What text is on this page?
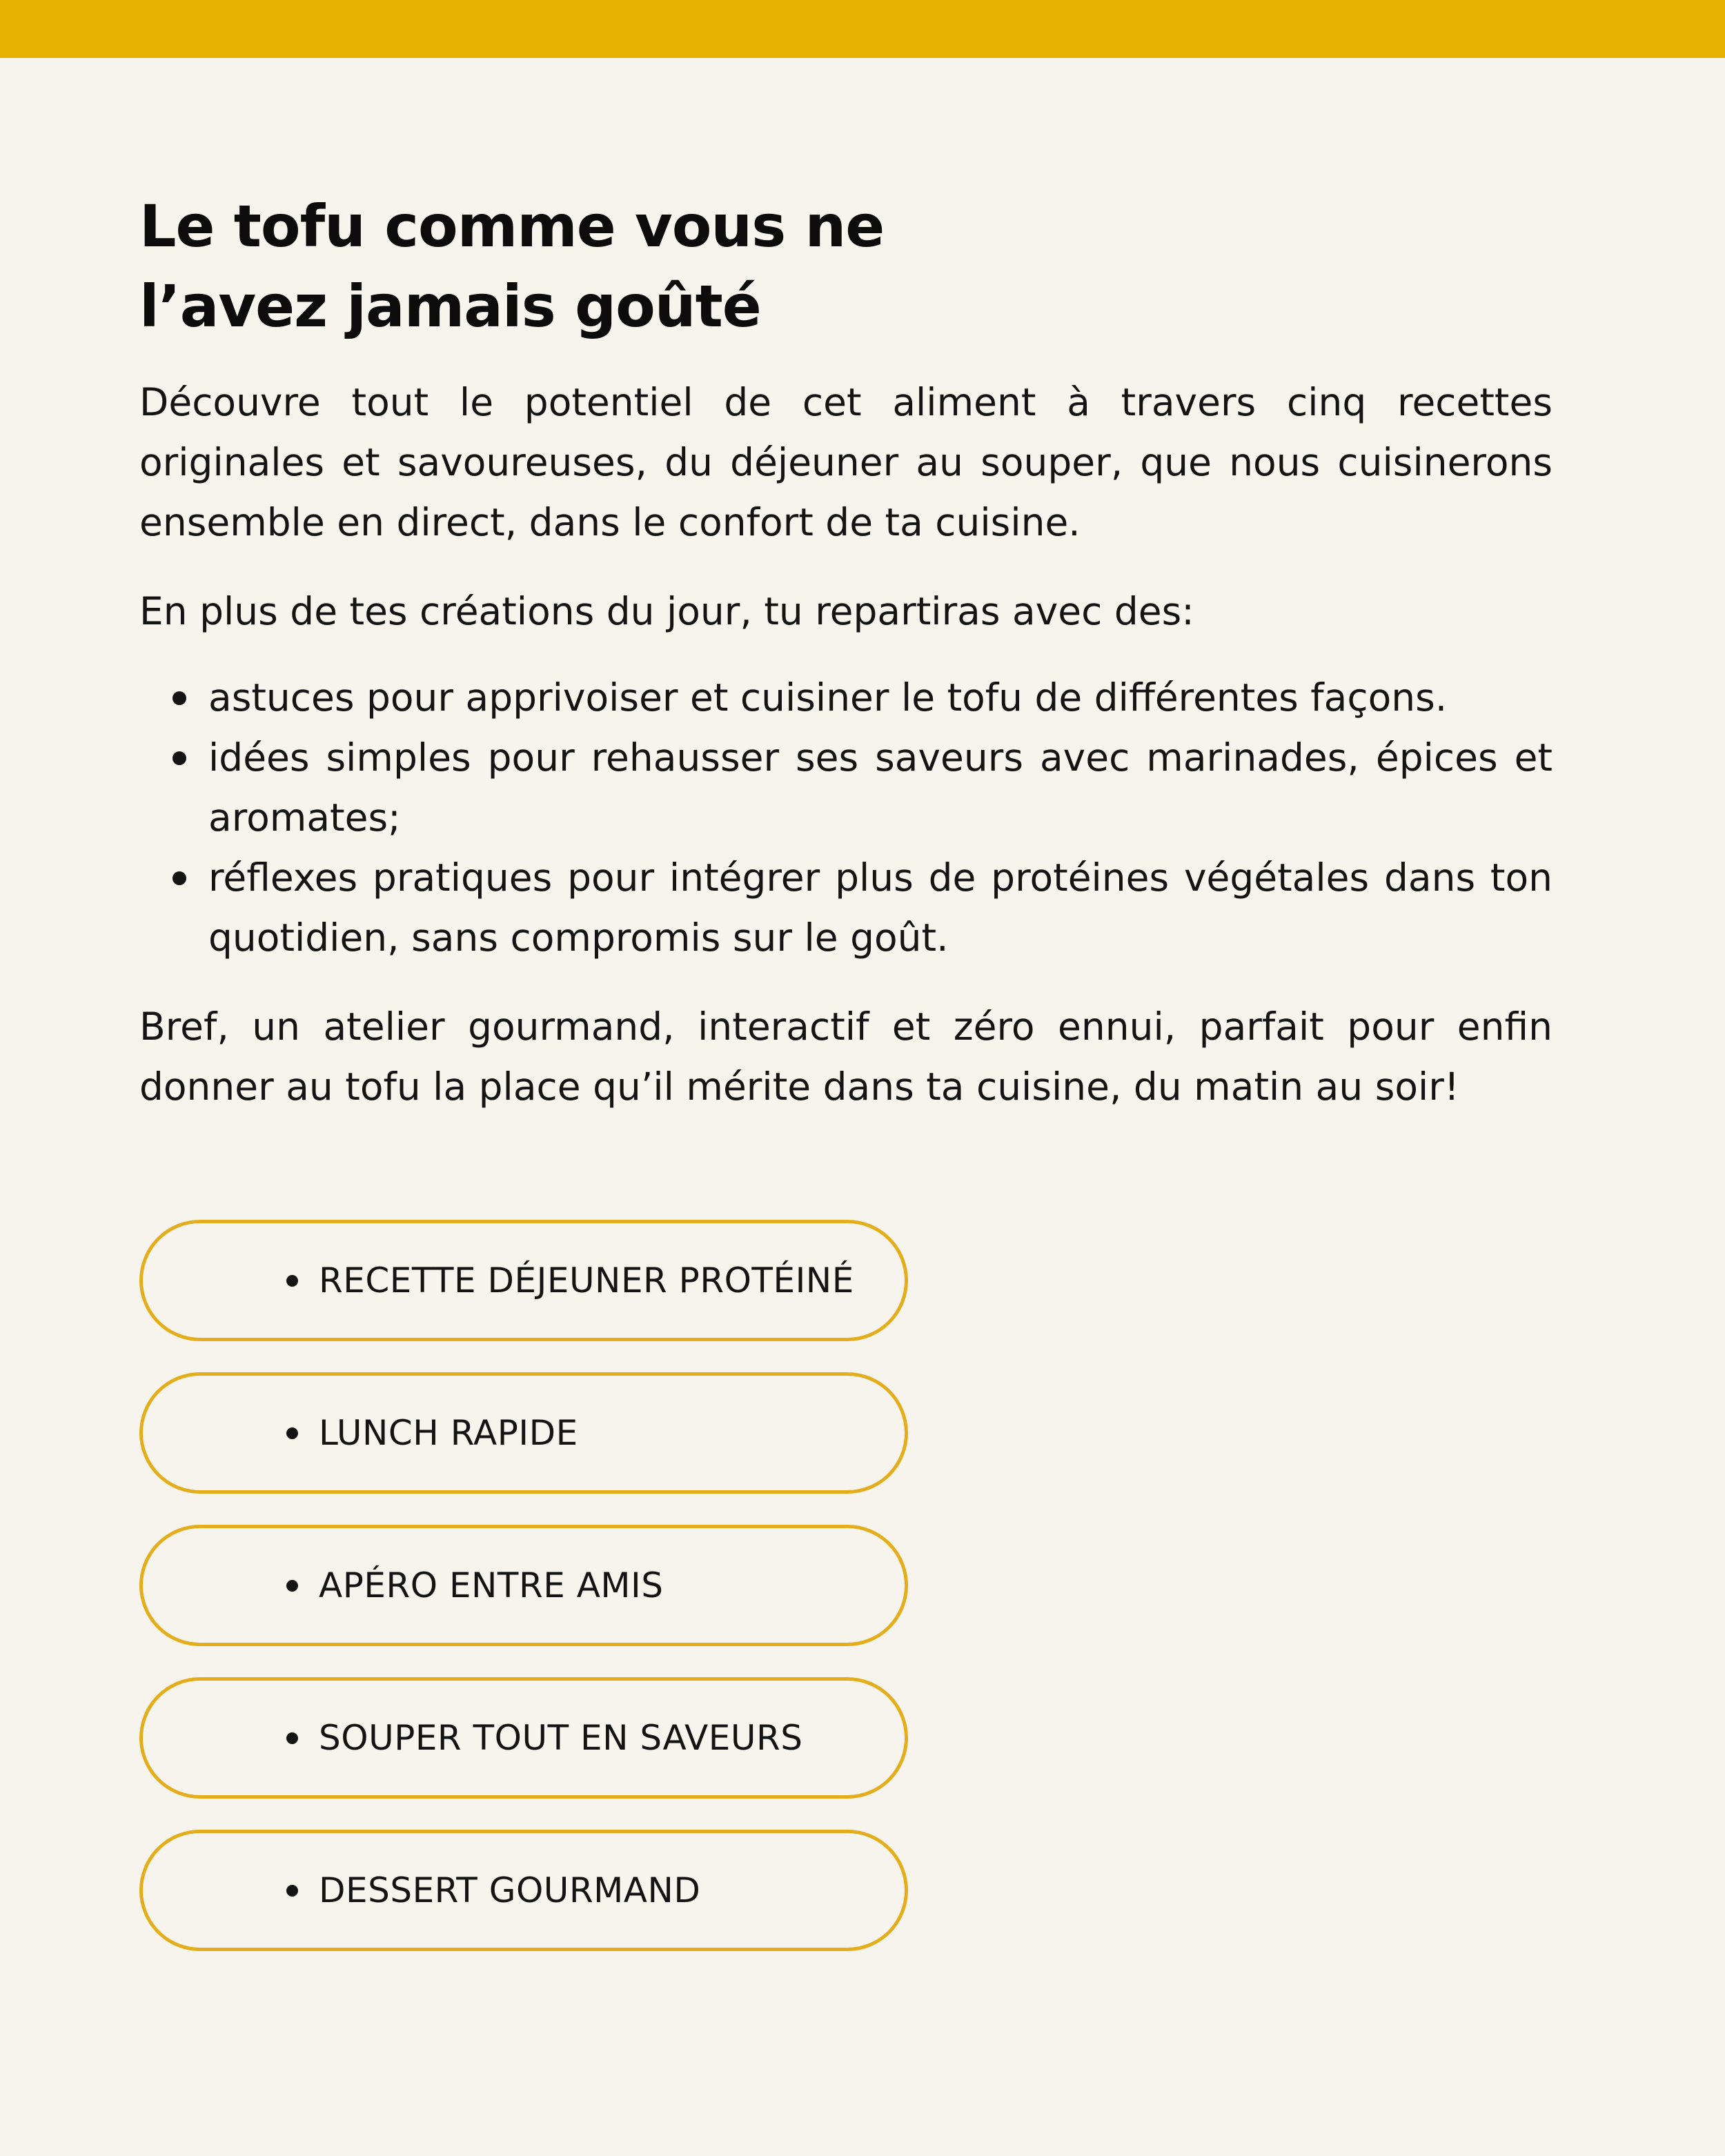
Le tofu comme vous ne
l’avez jamais goûté

Découvre tout le potentiel de cet aliment à travers cinq recettes originales et savoureuses, du déjeuner au souper, que nous cuisinerons ensemble en direct, dans le confort de ta cuisine.

En plus de tes créations du jour, tu repartiras avec des:

astuces pour apprivoiser et cuisiner le tofu de différentes façons.
idées simples pour rehausser ses saveurs avec marinades, épices et aromates;
réflexes pratiques pour intégrer plus de protéines végétales dans ton quotidien, sans compromis sur le goût.

Bref, un atelier gourmand, interactif et zéro ennui, parfait pour enfin donner au tofu la place qu’il mérite dans ta cuisine, du matin au soir!

RECETTE DÉJEUNER PROTÉINÉ
LUNCH RAPIDE
APÉRO ENTRE AMIS
SOUPER TOUT EN SAVEURS
DESSERT GOURMAND
